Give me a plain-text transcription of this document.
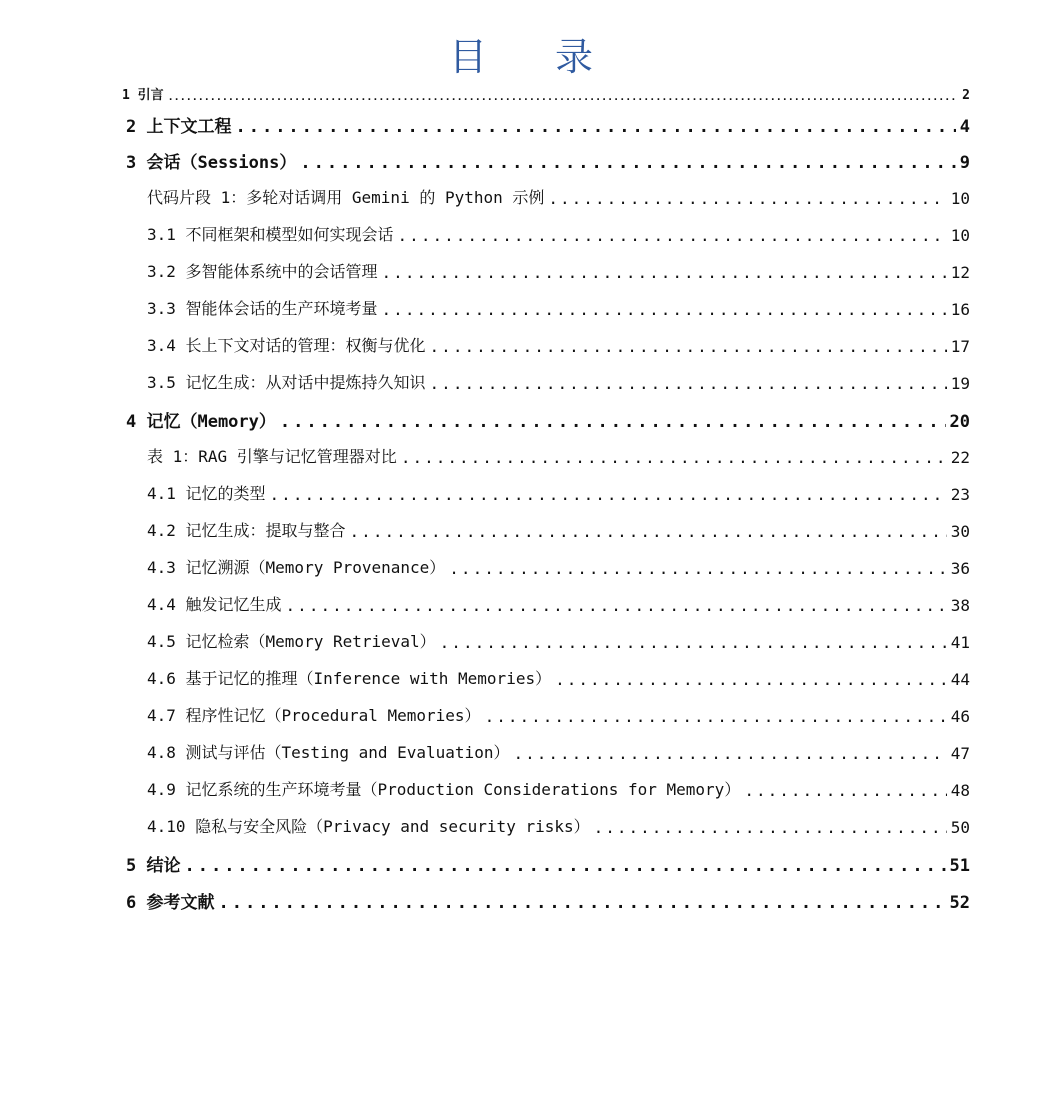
目 录
1 引言 .....	2
2 上下文工程 .....	4
3 会话（Sessions） .....	9
代码片段 1：多轮对话调用 Gemini 的 Python 示例 .....	10
3.1 不同框架和模型如何实现会话 .....	10
3.2 多智能体系统中的会话管理 .....	12
3.3 智能体会话的生产环境考量 .....	16
3.4 长上下文对话的管理：权衡与优化 .....	17
3.5 记忆生成：从对话中提炼持久知识 .....	19
4 记忆（Memory） .....	20
表 1：RAG 引擎与记忆管理器对比 .....	22
4.1 记忆的类型 .....	23
4.2 记忆生成：提取与整合 .....	30
4.3 记忆溯源（Memory Provenance） .....	36
4.4 触发记忆生成 .....	38
4.5 记忆检索（Memory Retrieval） .....	41
4.6 基于记忆的推理（Inference with Memories） .....	44
4.7 程序性记忆（Procedural Memories） .....	46
4.8 测试与评估（Testing and Evaluation） .....	47
4.9 记忆系统的生产环境考量（Production Considerations for Memory） .....	48
4.10 隐私与安全风险（Privacy and security risks） .....	50
5 结论 .....	51
6 参考文献 .....	52
